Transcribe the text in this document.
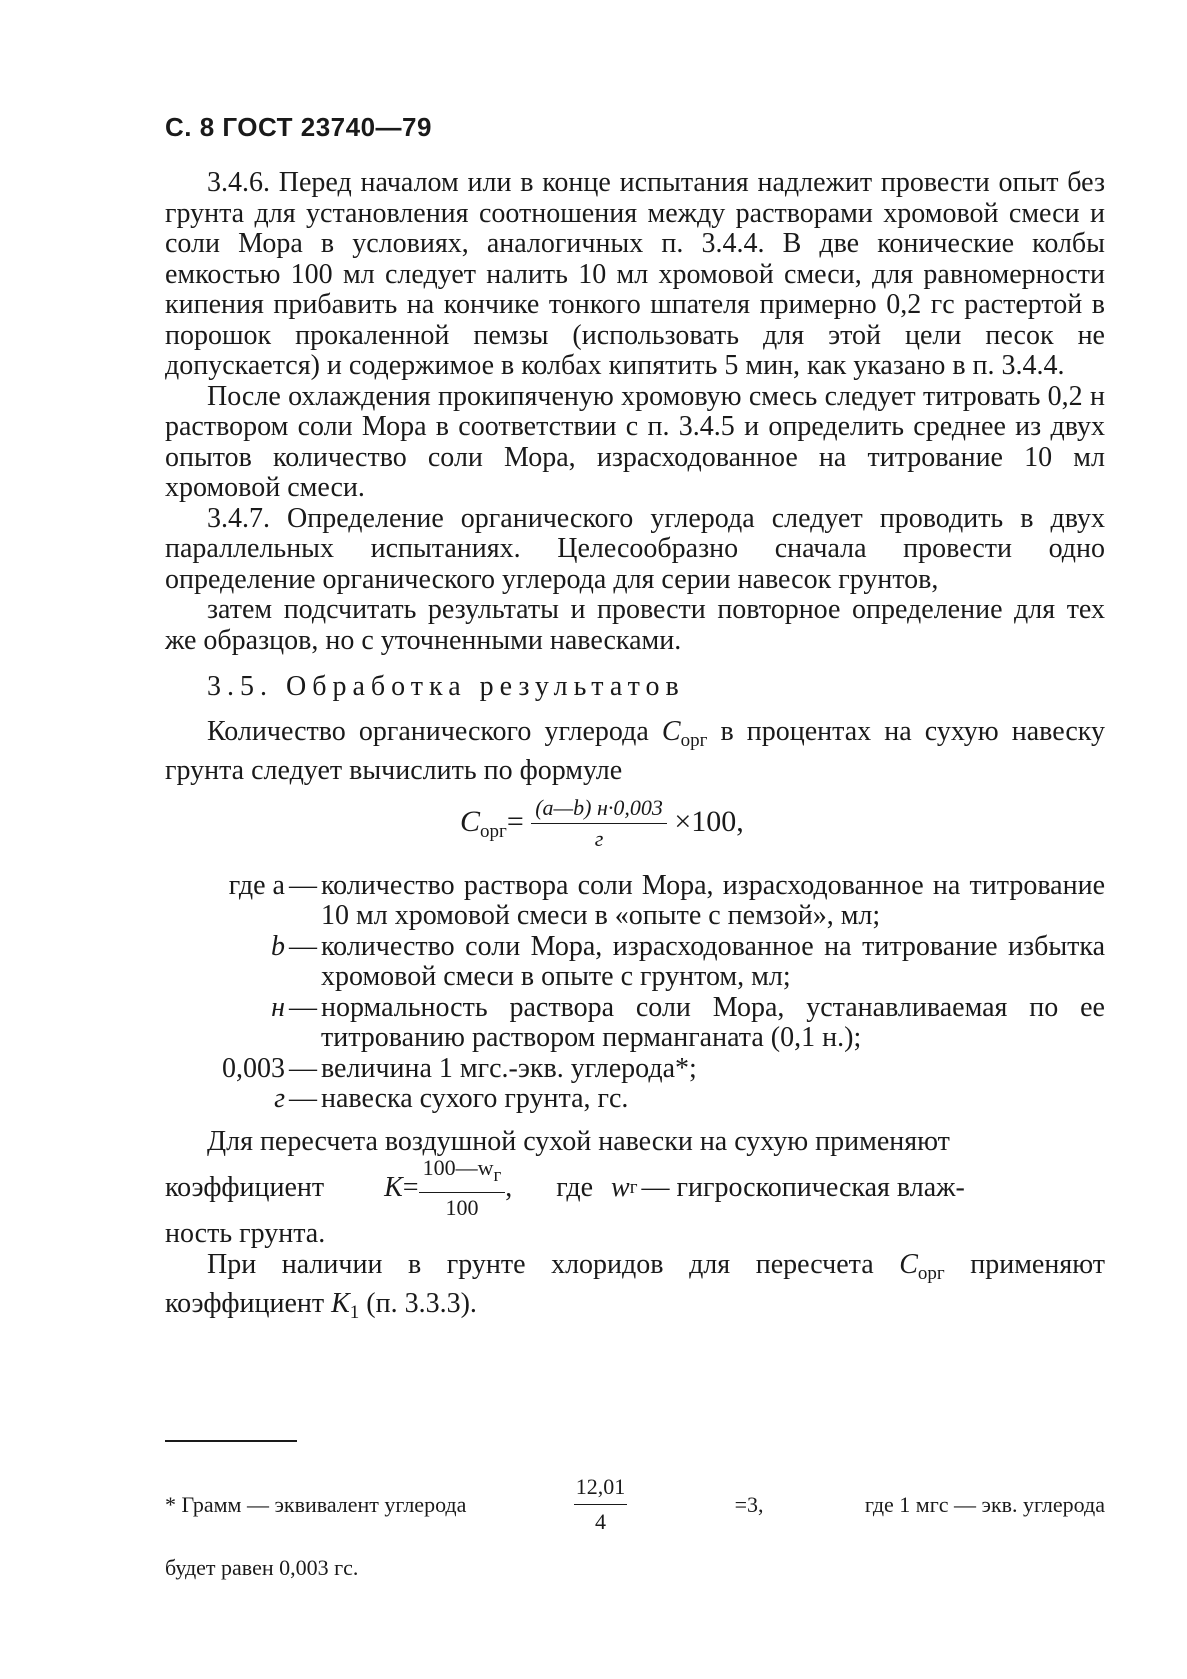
С. 8 ГОСТ 23740—79

3.4.6. Перед началом или в конце испытания надлежит провести опыт без грунта для установления соотношения между растворами хромовой смеси и соли Мора в условиях, аналогичных п. 3.4.4. В две конические колбы емкостью 100 мл следует налить 10 мл хромовой смеси, для равномерности кипения прибавить на кончике тонкого шпателя примерно 0,2 гс растертой в порошок прокаленной пемзы (использовать для этой цели песок не допускается) и содержимое в колбах кипятить 5 мин, как указано в п. 3.4.4.

После охлаждения прокипяченую хромовую смесь следует титровать 0,2 н раствором соли Мора в соответствии с п. 3.4.5 и определить среднее из двух опытов количество соли Мора, израсходованное на титрование 10 мл хромовой смеси.

3.4.7. Определение органического углерода следует проводить в двух параллельных испытаниях. Целесообразно сначала провести одно определение органического углерода для серии навесок грунтов,

затем подсчитать результаты и провести повторное определение для тех же образцов, но с уточненными навесками.

3.5. Обработка результатов

Количество органического углерода $C_{орг}$ в процентах на сухую навеску грунта следует вычислить по формуле

$C_{орг}= \frac{(a—b) н\cdot 0,003}{г} \times 100$,
где a — количество раствора соли Мора, израсходованное на титрование 10 мл хромовой смеси в «опыте с пемзой», мл;
b — количество соли Мора, израсходованное на титрование избытка хромовой смеси в опыте с грунтом, мл;
н — нормальность раствора соли Мора, устанавливаемая по ее титрованию раствором перманганата (0,1 н.);
0,003 — величина 1 мгс.-экв. углерода*;
г — навеска сухого грунта, гс.

Для пересчета воздушной сухой навески на сухую применяют

коэффициент $K = \frac{100—wг}{100}$ , где w г — гигроскопическая влаж-

ность грунта.

При наличии в грунте хлоридов для пересчета $C_{орг}$ применяют коэффициент $K_1$ (п. 3.3.3).

* Грамм — эквивалент углерода	$\frac{12,01}{4}$	=3,	где 1 мгс — экв. углерода
будет равен 0,003 гс.
